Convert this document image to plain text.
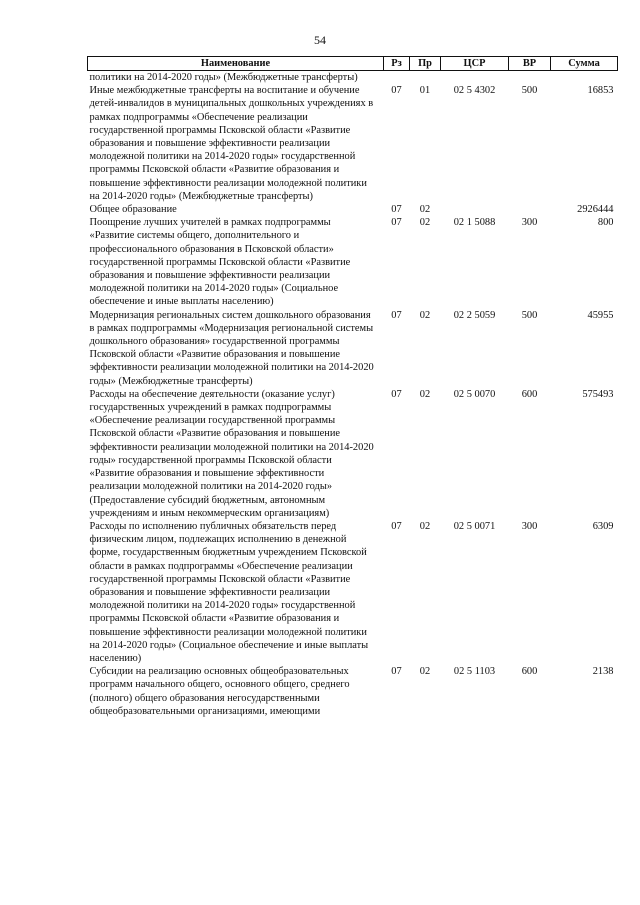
54
Наименование	Рз	Пр	ЦСР	ВР	Сумма
политики на 2014-2020 годы» (Межбюджетные трансферты)					
Иные межбюджетные трансферты на воспитание и обучение детей-инвалидов в муниципальных дошкольных учреждениях в рамках подпрограммы «Обеспечение реализации государственной программы Псковской области «Развитие образования и повышение эффективности реализации молодежной политики на 2014-2020 годы» государственной программы Псковской области «Развитие образования и повышение эффективности реализации молодежной политики на 2014-2020 годы» (Межбюджетные трансферты)	07	01	02 5 4302	500	16853
Общее образование	07	02			2926444
Поощрение лучших учителей в рамках подпрограммы «Развитие системы общего, дополнительного и профессионального образования в Псковской области» государственной программы Псковской области «Развитие образования и повышение эффективности реализации молодежной политики на 2014-2020 годы» (Социальное обеспечение и иные выплаты населению)	07	02	02 1 5088	300	800
Модернизация региональных систем дошкольного образования в рамках подпрограммы «Модернизация региональной системы дошкольного образования» государственной программы Псковской области «Развитие образования и повышение эффективности реализации молодежной политики на 2014-2020 годы» (Межбюджетные трансферты)	07	02	02 2 5059	500	45955
Расходы на обеспечение деятельности (оказание услуг) государственных учреждений в рамках подпрограммы «Обеспечение реализации государственной программы Псковской области «Развитие образования и повышение эффективности реализации молодежной политики на 2014-2020 годы» государственной программы Псковской области «Развитие образования и повышение эффективности реализации молодежной политики на 2014-2020 годы» (Предоставление субсидий бюджетным, автономным учреждениям и иным некоммерческим организациям)	07	02	02 5 0070	600	575493
Расходы по исполнению публичных обязательств перед физическим лицом, подлежащих исполнению в денежной форме, государственным бюджетным учреждением Псковской области в рамках подпрограммы «Обеспечение реализации государственной программы Псковской области «Развитие образования и повышение эффективности реализации молодежной политики на 2014-2020 годы» государственной программы Псковской области «Развитие образования и повышение эффективности реализации молодежной политики на 2014-2020 годы» (Социальное обеспечение и иные выплаты населению)	07	02	02 5 0071	300	6309
Субсидии на реализацию основных общеобразовательных программ начального общего, основного общего, среднего (полного) общего образования негосударственными общеобразовательными организациями, имеющими	07	02	02 5 1103	600	2138
